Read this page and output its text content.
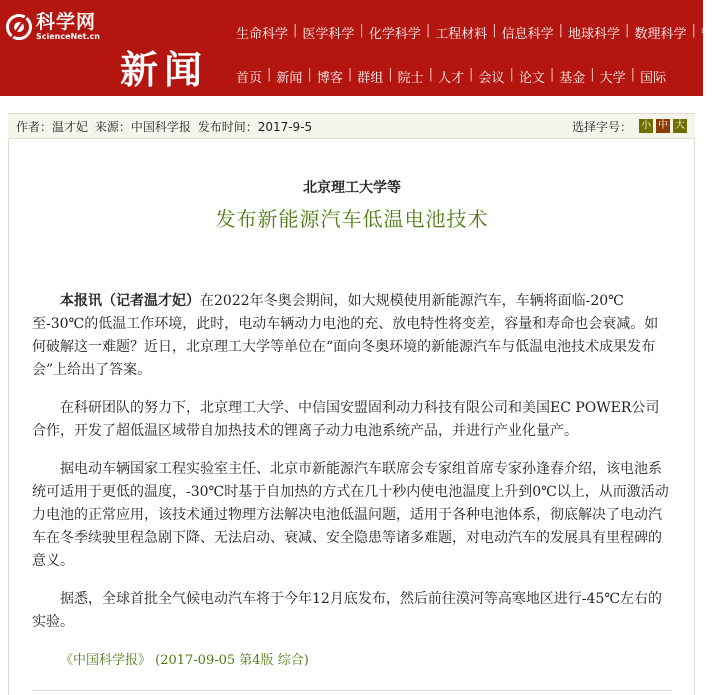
科学网
ScienceNet.cn
新闻
生命科学 | 医学科学 | 化学科学 | 工程材料 | 信息科学 | 地球科学 | 数理科学 | 管理
首页 | 新闻 | 博客 | 群组 | 院士 | 人才 | 会议 | 论文 | 基金 | 大学 | 国际
作者：温才妃 来源：中国科学报 发布时间：2017-9-5	选择字号： 小 中 大
北京理工大学等
发布新能源汽车低温电池技术

本报讯（记者温才妃）在2022年冬奥会期间，如大规模使用新能源汽车，车辆将面临-20℃至-30℃的低温工作环境，此时，电动车辆动力电池的充、放电特性将变差，容量和寿命也会衰减。如何破解这一难题？近日，北京理工大学等单位在“面向冬奥环境的新能源汽车与低温电池技术成果发布会”上给出了答案。

在科研团队的努力下，北京理工大学、中信国安盟固利动力科技有限公司和美国EC POWER公司合作，开发了超低温区域带自加热技术的锂离子动力电池系统产品，并进行产业化量产。

据电动车辆国家工程实验室主任、北京市新能源汽车联席会专家组首席专家孙逢春介绍，该电池系统可适用于更低的温度，-30℃时基于自加热的方式在几十秒内使电池温度上升到0℃以上，从而激活动力电池的正常应用，该技术通过物理方法解决电池低温问题，适用于各种电池体系，彻底解决了电动汽车在冬季续驶里程急剧下降、无法启动、衰减、安全隐患等诸多难题，对电动汽车的发展具有里程碑的意义。

据悉，全球首批全气候电动汽车将于今年12月底发布，然后前往漠河等高寒地区进行-45℃左右的实验。

《中国科学报》 (2017-09-05 第4版 综合)
